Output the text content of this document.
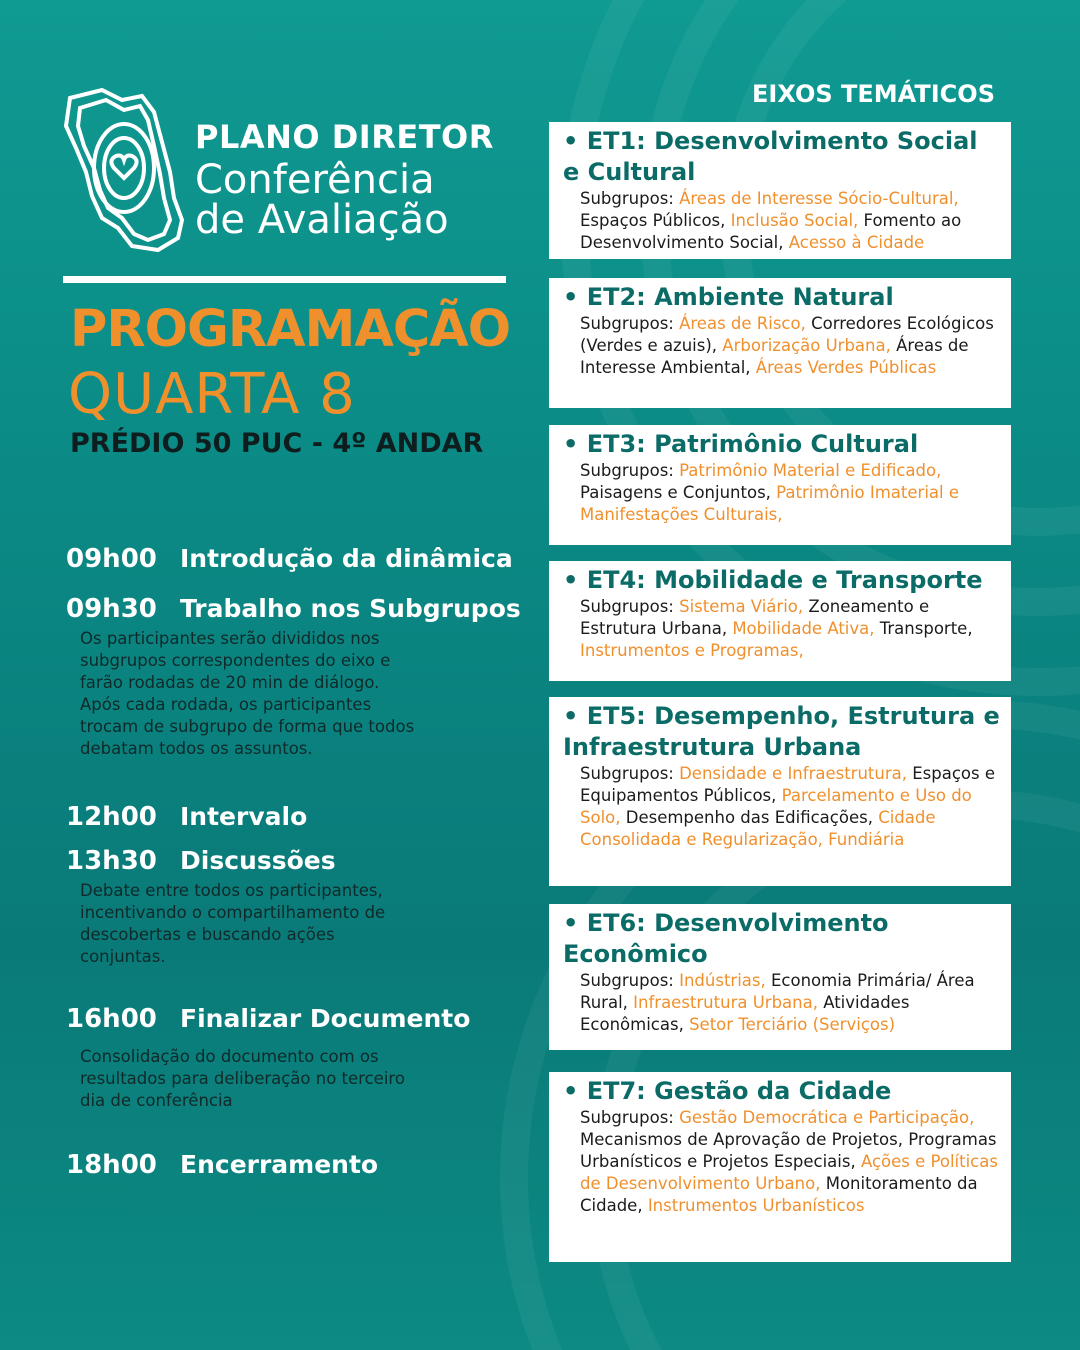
PLANO DIRETOR
Conferência
de Avaliação
PROGRAMAÇÃO
QUARTA 8
PRÉDIO 50 PUC - 4º ANDAR
09h00 Introdução da dinâmica
09h30 Trabalho nos Subgrupos
Os participantes serão divididos nos subgrupos correspondentes do eixo e farão rodadas de 20 min de diálogo. Após cada rodada, os participantes trocam de subgrupo de forma que todos debatam todos os assuntos.
12h00 Intervalo
13h30 Discussões
Debate entre todos os participantes, incentivando o compartilhamento de descobertas e buscando ações conjuntas.
16h00 Finalizar Documento
Consolidação do documento com os resultados para deliberação no terceiro dia de conferência
18h00 Encerramento
EIXOS TEMÁTICOS
• ET1: Desenvolvimento Social e Cultural
Subgrupos: Áreas de Interesse Sócio-Cultural, Espaços Públicos, Inclusão Social, Fomento ao Desenvolvimento Social, Acesso à Cidade
• ET2: Ambiente Natural
Subgrupos: Áreas de Risco, Corredores Ecológicos (Verdes e azuis), Arborização Urbana, Áreas de Interesse Ambiental, Áreas Verdes Públicas
• ET3: Patrimônio Cultural
Subgrupos: Patrimônio Material e Edificado, Paisagens e Conjuntos, Patrimônio Imaterial e Manifestações Culturais,
• ET4: Mobilidade e Transporte
Subgrupos: Sistema Viário, Zoneamento e Estrutura Urbana, Mobilidade Ativa, Transporte, Instrumentos e Programas,
• ET5: Desempenho, Estrutura e Infraestrutura Urbana
Subgrupos: Densidade e Infraestrutura, Espaços e Equipamentos Públicos, Parcelamento e Uso do Solo, Desempenho das Edificações, Cidade Consolidada e Regularização, Fundiária
• ET6: Desenvolvimento Econômico
Subgrupos: Indústrias, Economia Primária/ Área Rural, Infraestrutura Urbana, Atividades Econômicas, Setor Terciário (Serviços)
• ET7: Gestão da Cidade
Subgrupos: Gestão Democrática e Participação, Mecanismos de Aprovação de Projetos, Programas Urbanísticos e Projetos Especiais, Ações e Políticas de Desenvolvimento Urbano, Monitoramento da Cidade, Instrumentos Urbanísticos
